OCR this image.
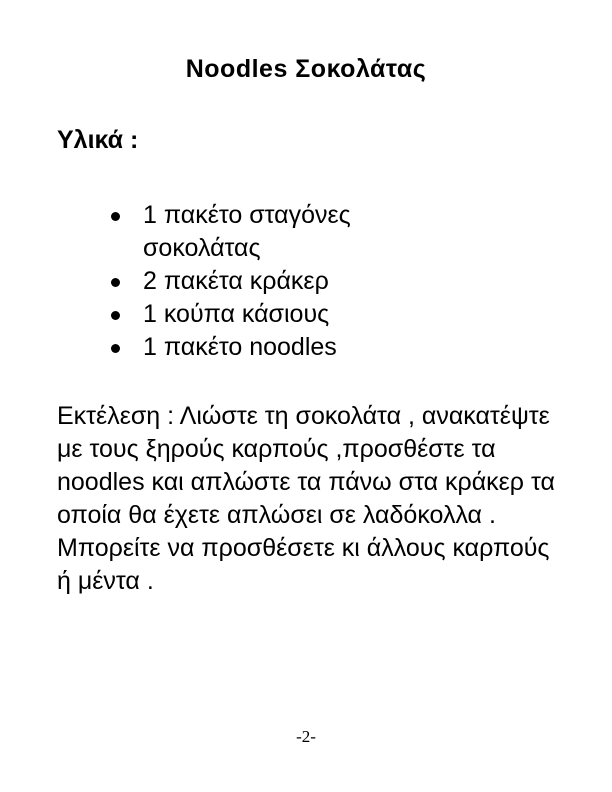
Noodles Σοκολάτας
Υλικά :
1 πακέτο σταγόνες σοκολάτας
2 πακέτα κράκερ
1 κούπα κάσιους
1 πακέτο noodles

Εκτέλεση : Λιώστε τη σοκολάτα , ανακατέψτε με τους ξηρούς καρπούς ,προσθέστε τα noodles και απλώστε τα πάνω στα κράκερ τα οποία θα έχετε απλώσει σε λαδόκολλα . Μπορείτε να προσθέσετε κι άλλους καρπούς ή μέντα .

-2-
